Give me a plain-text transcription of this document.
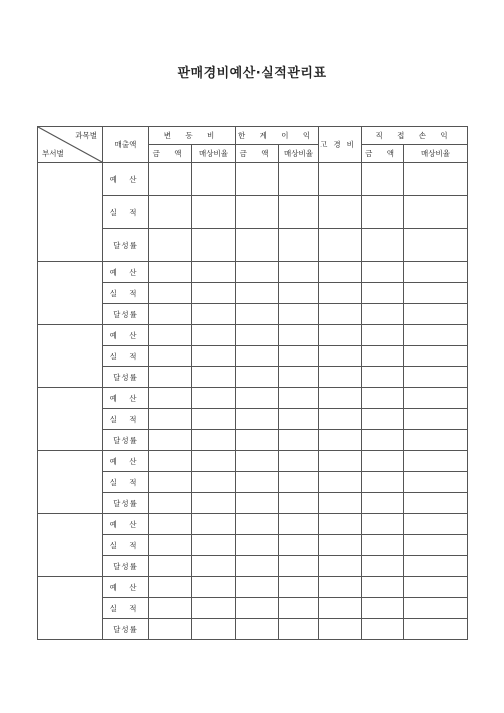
판매경비예산·실적관리표
과목별
부서별	매출액	변 동 비		한 계 이 익		고경비	직 접 손 익	
		금 액	매상비율	금 액	매상비율		금 액	매상비율
	예 산							
	실 적							
	달성률							
	예 산							
	실 적							
	달성률							
	예 산							
	실 적							
	달성률							
	예 산							
	실 적							
	달성률							
	예 산							
	실 적							
	달성률							
	예 산							
	실 적							
	달성률							
	예 산							
	실 적							
	달성률							
